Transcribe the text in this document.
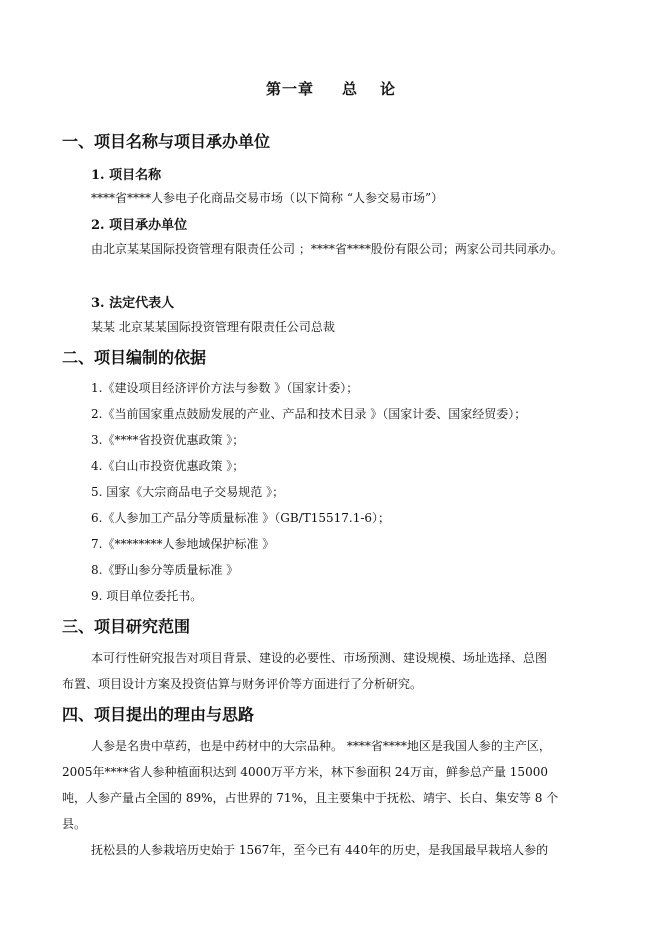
第一章 总 论
一、项目名称与项目承办单位
1. 项目名称
****省****人参电子化商品交易市场（以下简称 “人参交易市场”）
2. 项目承办单位
由北京某某国际投资管理有限责任公司 ；****省****股份有限公司；两家公司共同承办。
3. 法定代表人
某某 北京某某国际投资管理有限责任公司总裁
二、项目编制的依据
1.《建设项目经济评价方法与参数 》（国家计委）；
2.《当前国家重点鼓励发展的产业、产品和技术目录 》（国家计委、国家经贸委）；
3.《****省投资优惠政策 》；
4.《白山市投资优惠政策 》；
5. 国家《大宗商品电子交易规范 》；
6.《人参加工产品分等质量标准 》（GB/T15517.1-6）；
7.《********人参地域保护标准 》
8.《野山参分等质量标准 》
9. 项目单位委托书。
三、项目研究范围
本可行性研究报告对项目背景、建设的必要性、市场预测、建设规模、场址选择、总图
布置、项目设计方案及投资估算与财务评价等方面进行了分析研究。
四、项目提出的理由与思路
人参是名贵中草药，也是中药材中的大宗品种。 ****省****地区是我国人参的主产区，
2005年****省人参种植面积达到 4000万平方米，林下参面积 24万亩，鲜参总产量 15000
吨，人参产量占全国的 89%，占世界的 71%，且主要集中于抚松、靖宇、长白、集安等 8 个
县。
抚松县的人参栽培历史始于 1567年，至今已有 440年的历史，是我国最早栽培人参的
